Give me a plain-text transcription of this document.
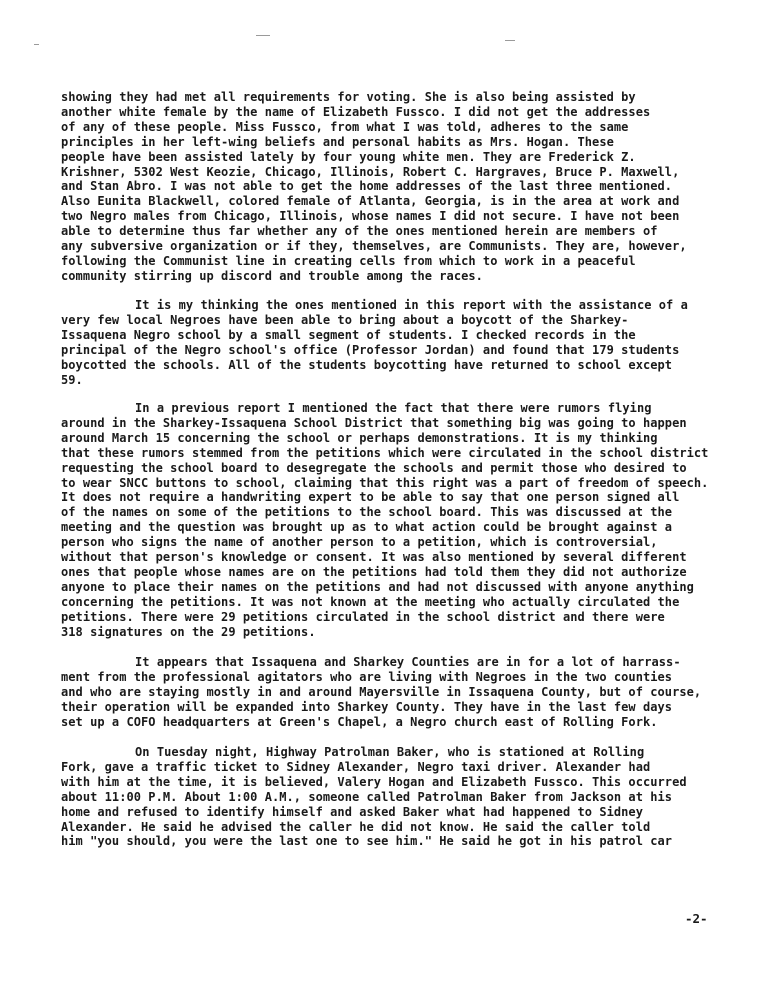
showing they had met all requirements for voting. She is also being assisted by
another white female by the name of Elizabeth Fussco. I did not get the addresses
of any of these people. Miss Fussco, from what I was told, adheres to the same
principles in her left-wing beliefs and personal habits as Mrs. Hogan. These
people have been assisted lately by four young white men. They are Frederick Z.
Krishner, 5302 West Keozie, Chicago, Illinois, Robert C. Hargraves, Bruce P. Maxwell,
and Stan Abro. I was not able to get the home addresses of the last three mentioned.
Also Eunita Blackwell, colored female of Atlanta, Georgia, is in the area at work and
two Negro males from Chicago, Illinois, whose names I did not secure. I have not been
able to determine thus far whether any of the ones mentioned herein are members of
any subversive organization or if they, themselves, are Communists. They are, however,
following the Communist line in creating cells from which to work in a peaceful
community stirring up discord and trouble among the races.
It is my thinking the ones mentioned in this report with the assistance of a
very few local Negroes have been able to bring about a boycott of the Sharkey-
Issaquena Negro school by a small segment of students. I checked records in the
principal of the Negro school's office (Professor Jordan) and found that 179 students
boycotted the schools. All of the students boycotting have returned to school except
59.
In a previous report I mentioned the fact that there were rumors flying
around in the Sharkey-Issaquena School District that something big was going to happen
around March 15 concerning the school or perhaps demonstrations. It is my thinking
that these rumors stemmed from the petitions which were circulated in the school district
requesting the school board to desegregate the schools and permit those who desired to
to wear SNCC buttons to school, claiming that this right was a part of freedom of speech.
It does not require a handwriting expert to be able to say that one person signed all
of the names on some of the petitions to the school board. This was discussed at the
meeting and the question was brought up as to what action could be brought against a
person who signs the name of another person to a petition, which is controversial,
without that person's knowledge or consent. It was also mentioned by several different
ones that people whose names are on the petitions had told them they did not authorize
anyone to place their names on the petitions and had not discussed with anyone anything
concerning the petitions. It was not known at the meeting who actually circulated the
petitions. There were 29 petitions circulated in the school district and there were
318 signatures on the 29 petitions.
It appears that Issaquena and Sharkey Counties are in for a lot of harrass-
ment from the professional agitators who are living with Negroes in the two counties
and who are staying mostly in and around Mayersville in Issaquena County, but of course,
their operation will be expanded into Sharkey County. They have in the last few days
set up a COFO headquarters at Green's Chapel, a Negro church east of Rolling Fork.
On Tuesday night, Highway Patrolman Baker, who is stationed at Rolling
Fork, gave a traffic ticket to Sidney Alexander, Negro taxi driver. Alexander had
with him at the time, it is believed, Valery Hogan and Elizabeth Fussco. This occurred
about 11:00 P.M. About 1:00 A.M., someone called Patrolman Baker from Jackson at his
home and refused to identify himself and asked Baker what had happened to Sidney
Alexander. He said he advised the caller he did not know. He said the caller told
him "you should, you were the last one to see him." He said he got in his patrol car
-2-
